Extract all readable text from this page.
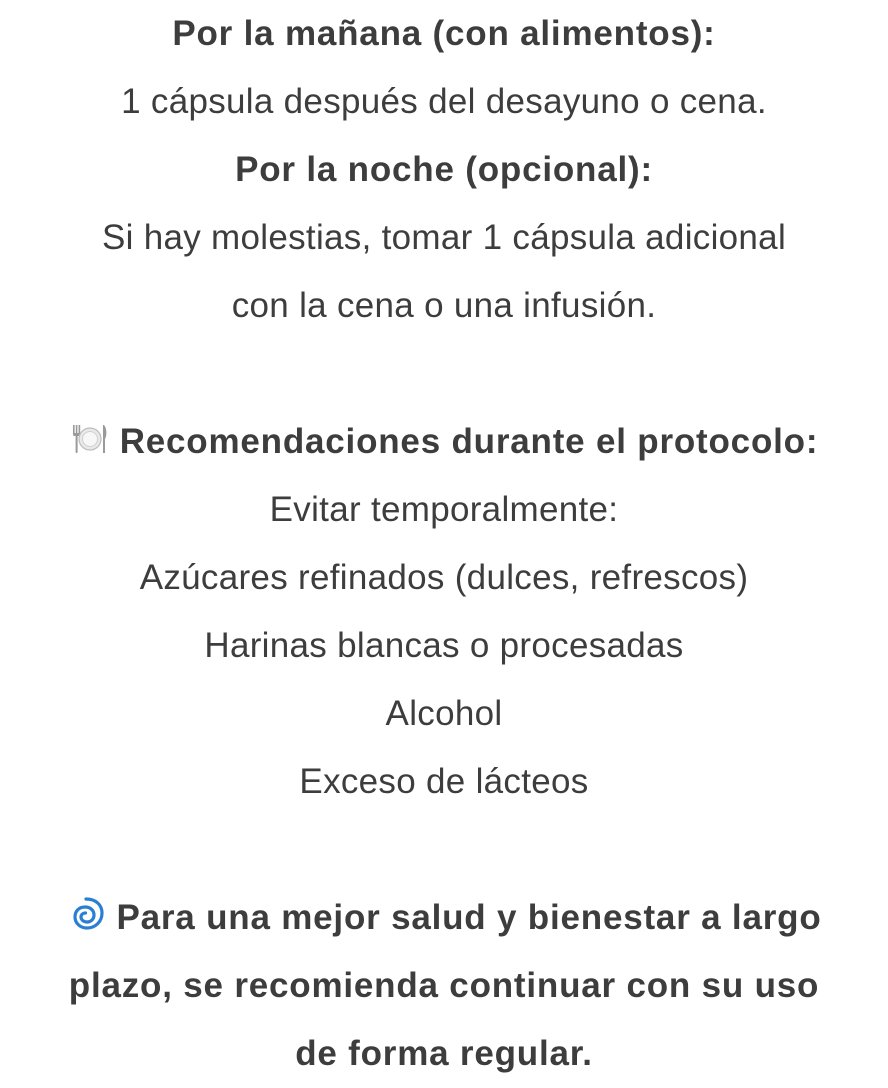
Por la mañana (con alimentos):
1 cápsula después del desayuno o cena.
Por la noche (opcional):
Si hay molestias, tomar 1 cápsula adicional
con la cena o una infusión.
Recomendaciones durante el protocolo:
Evitar temporalmente:
Azúcares refinados (dulces, refrescos)
Harinas blancas o procesadas
Alcohol
Exceso de lácteos
Para una mejor salud y bienestar a largo
plazo, se recomienda continuar con su uso
de forma regular.
